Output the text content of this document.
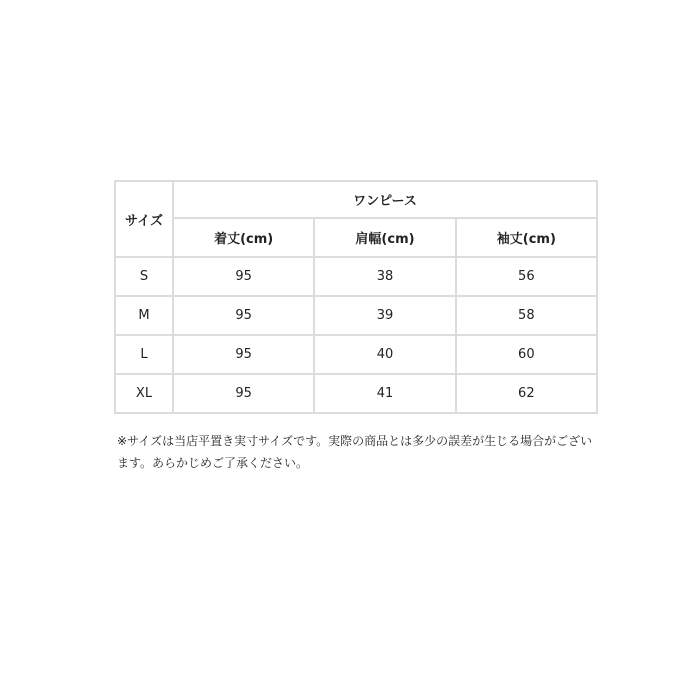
サイズ	ワンピース		
	着丈(cm)	肩幅(cm)	袖丈(cm)
S	95	38	56
M	95	39	58
L	95	40	60
XL	95	41	62
※サイズは当店平置き実寸サイズです。実際の商品とは多少の誤差が生じる場合がございます。あらかじめご了承ください。
